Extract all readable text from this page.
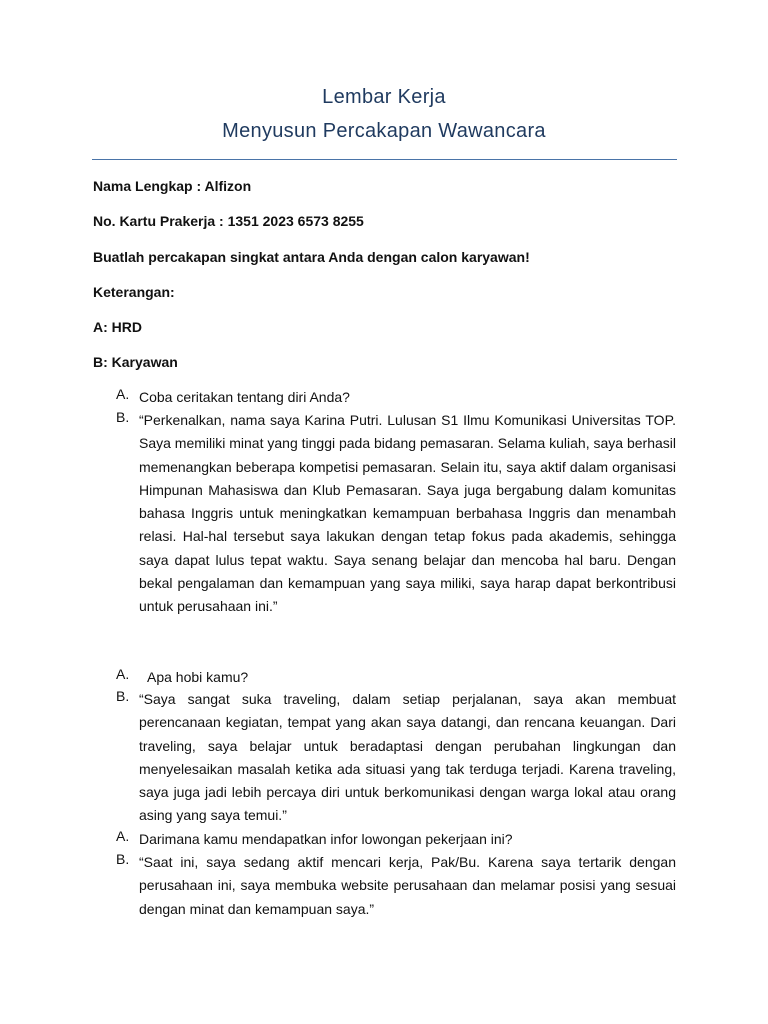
Lembar Kerja
Menyusun Percakapan Wawancara
Nama Lengkap : Alfizon
No. Kartu Prakerja : 1351 2023 6573 8255
Buatlah percakapan singkat antara Anda dengan calon karyawan!
Keterangan:
A: HRD
B: Karyawan
A. Coba ceritakan tentang diri Anda?
B. “Perkenalkan, nama saya Karina Putri. Lulusan S1 Ilmu Komunikasi Universitas TOP. Saya memiliki minat yang tinggi pada bidang pemasaran. Selama kuliah, saya berhasil memenangkan beberapa kompetisi pemasaran. Selain itu, saya aktif dalam organisasi Himpunan Mahasiswa dan Klub Pemasaran. Saya juga bergabung dalam komunitas bahasa Inggris untuk meningkatkan kemampuan berbahasa Inggris dan menambah relasi. Hal-hal tersebut saya lakukan dengan tetap fokus pada akademis, sehingga saya dapat lulus tepat waktu. Saya senang belajar dan mencoba hal baru. Dengan bekal pengalaman dan kemampuan yang saya miliki, saya harap dapat berkontribusi untuk perusahaan ini.”
A. Apa hobi kamu?
B. “Saya sangat suka traveling, dalam setiap perjalanan, saya akan membuat perencanaan kegiatan, tempat yang akan saya datangi, dan rencana keuangan. Dari traveling, saya belajar untuk beradaptasi dengan perubahan lingkungan dan menyelesaikan masalah ketika ada situasi yang tak terduga terjadi. Karena traveling, saya juga jadi lebih percaya diri untuk berkomunikasi dengan warga lokal atau orang asing yang saya temui.”
A. Darimana kamu mendapatkan infor lowongan pekerjaan ini?
B. “Saat ini, saya sedang aktif mencari kerja, Pak/Bu. Karena saya tertarik dengan perusahaan ini, saya membuka website perusahaan dan melamar posisi yang sesuai dengan minat dan kemampuan saya.”
